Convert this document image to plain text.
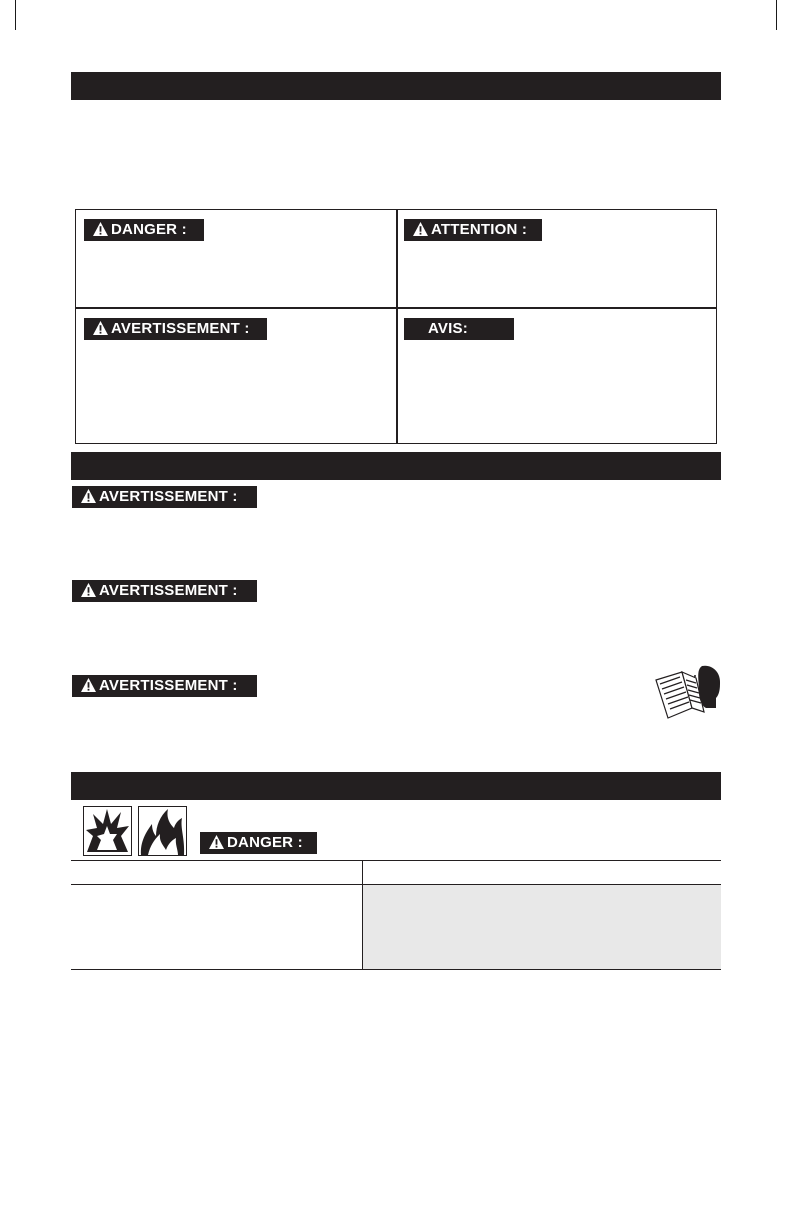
DANGER :	ATTENTION :
AVERTISSEMENT :	AVIS:
AVERTISSEMENT :
AVERTISSEMENT :
AVERTISSEMENT :
DANGER :
